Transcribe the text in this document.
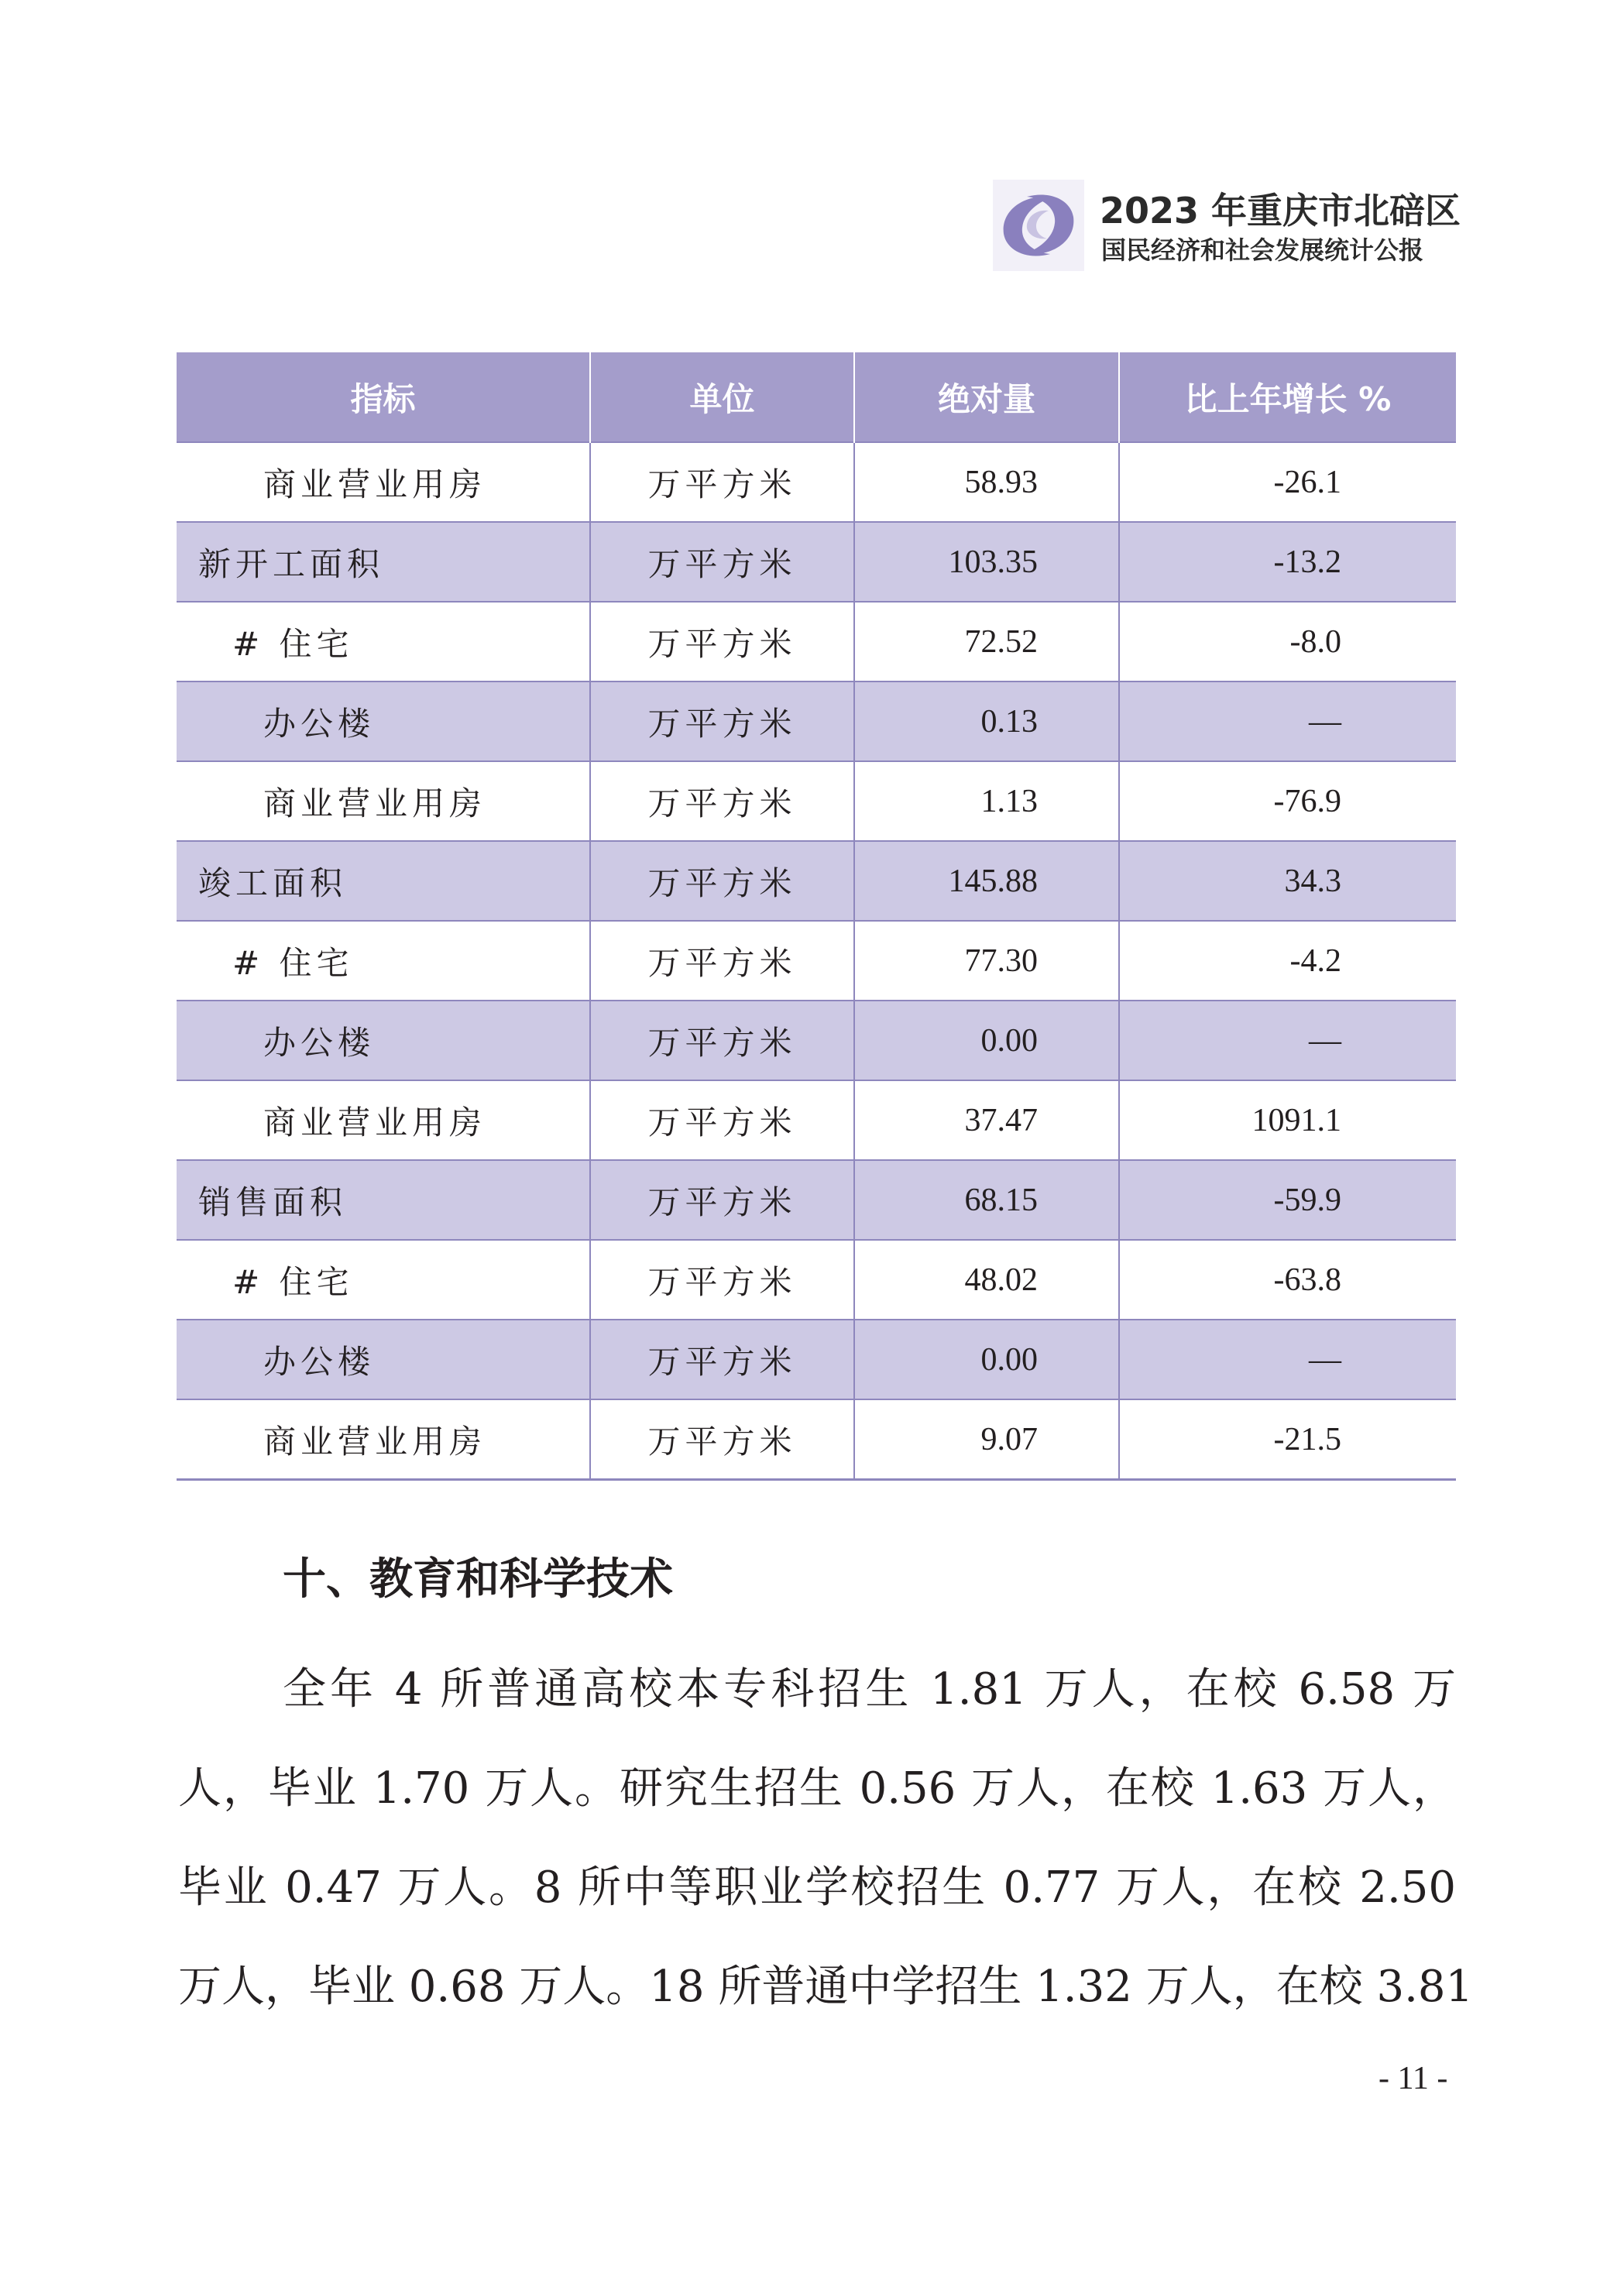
2023 年重庆市北碚区
国民经济和社会发展统计公报
指标	单位	绝对量	比上年增长 %
商业营业用房	万平方米	58.93	-26.1
新开工面积	万平方米	103.35	-13.2
# 住宅	万平方米	72.52	-8.0
办公楼	万平方米	0.13	—
商业营业用房	万平方米	1.13	-76.9
竣工面积	万平方米	145.88	34.3
# 住宅	万平方米	77.30	-4.2
办公楼	万平方米	0.00	—
商业营业用房	万平方米	37.47	1091.1
销售面积	万平方米	68.15	-59.9
# 住宅	万平方米	48.02	-63.8
办公楼	万平方米	0.00	—
商业营业用房	万平方米	9.07	-21.5
十、教育和科学技术
全年 4 所普通高校本专科招生 1.81 万人，在校 6.58 万
人，毕业 1.70 万人。研究生招生 0.56 万人，在校 1.63 万人，
毕业 0.47 万人。8 所中等职业学校招生 0.77 万人，在校 2.50
万人，毕业 0.68 万人。18 所普通中学招生 1.32 万人，在校 3.81
- 11 -
